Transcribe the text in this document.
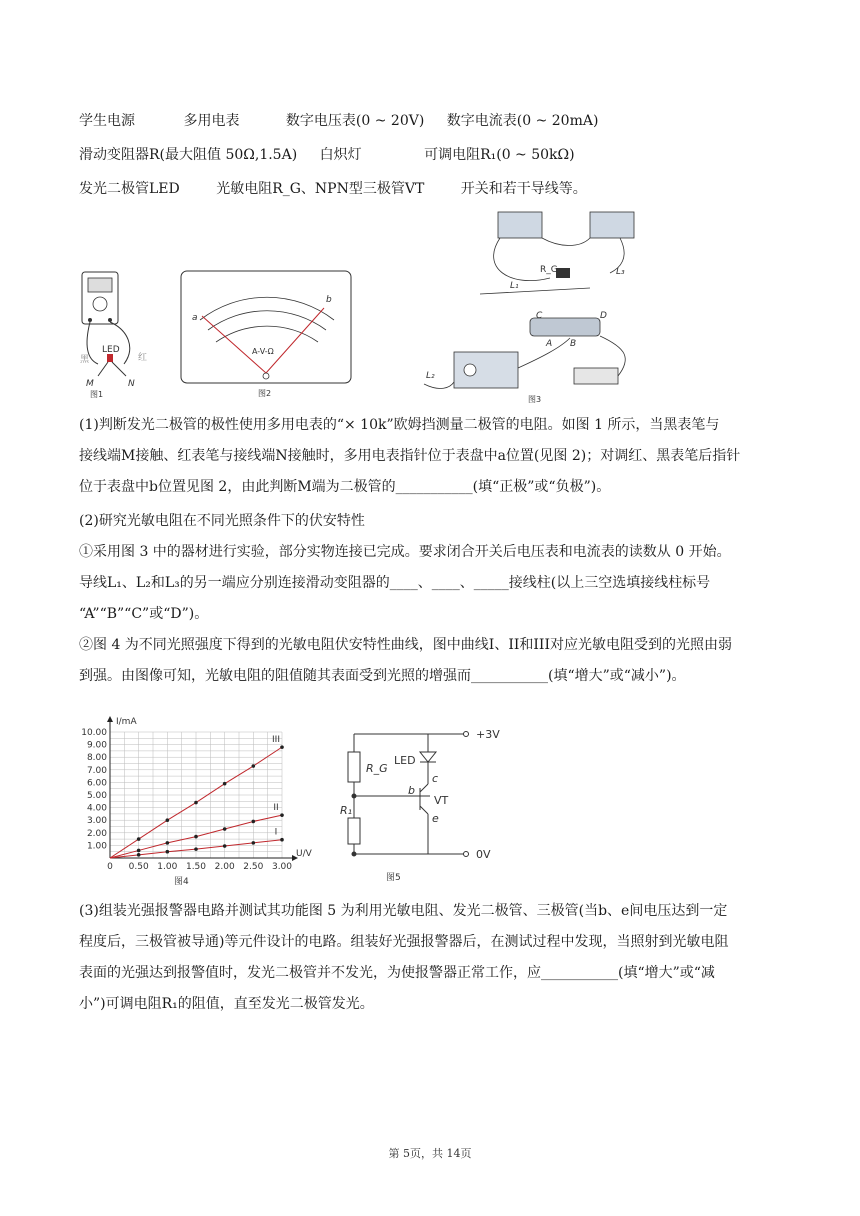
学生电源	多用电表	数字电压表(0 ~ 20V) 数字电流表(0 ~ 20mA)
滑动变阻器R(最大阻值 50Ω,1.5A) 白炽灯	可调电阻R₁(0 ~ 50kΩ)
发光二极管LED	光敏电阻R_G、NPN型三极管VT	开关和若干导线等。
LED
黑	红
M	N
图1
a
b
A-V-Ω
图2
R_G
L₁
L₃
C	D
A B
L₂
图3
(1)判断发光二极管的极性使用多用电表的“× 10k”欧姆挡测量二极管的电阻。如图 1 所示，当黑表笔与
接线端M接触、红表笔与接线端N接触时，多用电表指针位于表盘中a位置(见图 2)；对调红、黑表笔后指针
位于表盘中b位置见图 2，由此判断M端为二极管的___________(填“正极”或“负极”)。
(2)研究光敏电阻在不同光照条件下的伏安特性
①采用图 3 中的器材进行实验，部分实物连接已完成。要求闭合开关后电压表和电流表的读数从 0 开始。
导线L₁、L₂和L₃的另一端应分别连接滑动变阻器的____、____、_____接线柱(以上三空选填接线柱标号
“A”“B”“C”或“D”)。
②图 4 为不同光照强度下得到的光敏电阻伏安特性曲线，图中曲线I、II和III对应光敏电阻受到的光照由弱
到强。由图像可知，光敏电阻的阻值随其表面受到光照的增强而___________(填“增大”或“减小”)。
0 0.50 1.00 1.50 2.00 2.50 3.00
1.00
2.00
3.00
4.00
5.00
6.00
7.00
8.00
9.00
10.00
III
II
I
I/mA
U/V
图4
+3V
0V
R_G
R₁
LED
VT
b
c
e
图5
(3)组装光强报警器电路并测试其功能图 5 为利用光敏电阻、发光二极管、三极管(当b、e间电压达到一定
程度后，三极管被导通)等元件设计的电路。组装好光强报警器后，在测试过程中发现，当照射到光敏电阻
表面的光强达到报警值时，发光二极管并不发光，为使报警器正常工作，应___________(填“增大”或“减
小”)可调电阻R₁的阻值，直至发光二极管发光。
第 5页，共 14页
